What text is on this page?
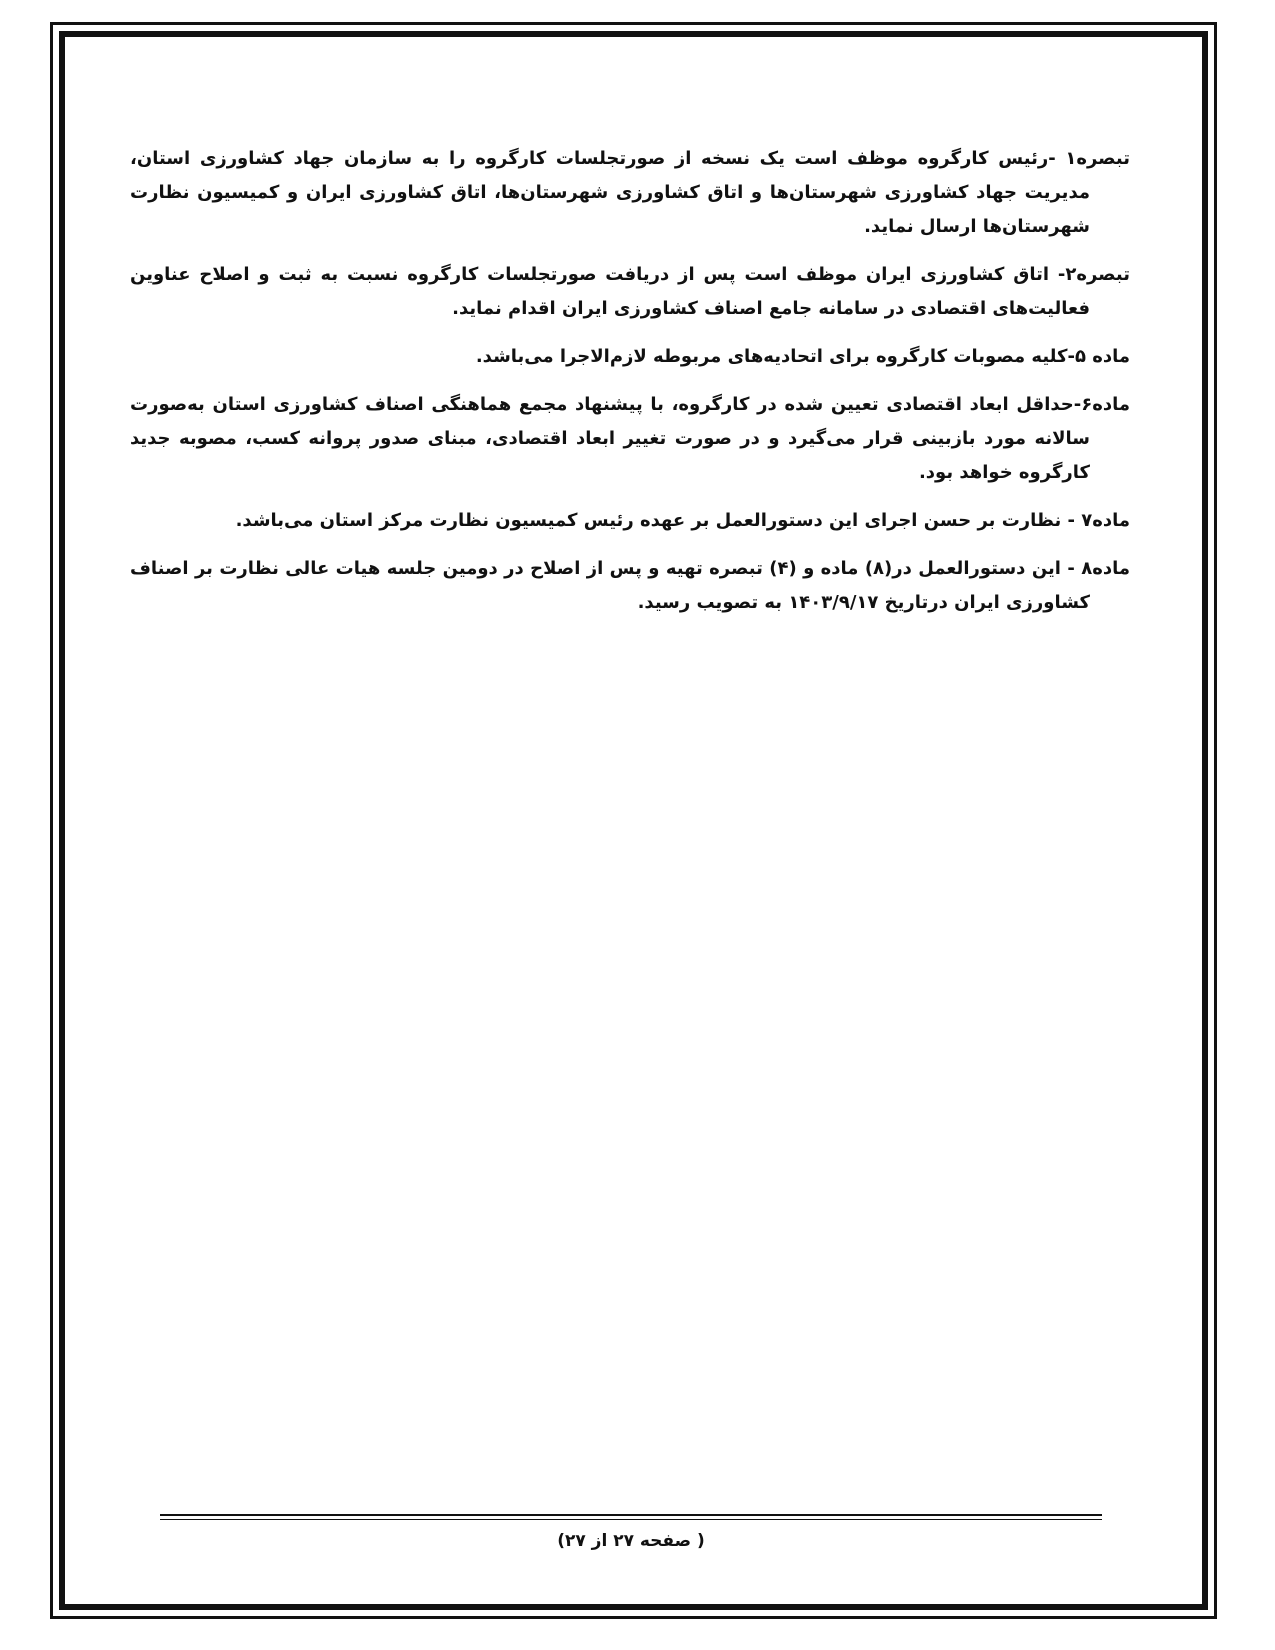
تبصره۱ -رئیس کارگروه موظف است یک نسخه از صورتجلسات کارگروه را به سازمان جهاد کشاورزی استان، مدیریت جهاد کشاورزی شهرستان‌ها و اتاق کشاورزی شهرستان‌ها، اتاق کشاورزی ایران و کمیسیون نظارت شهرستان‌ها ارسال نماید.

تبصره۲- اتاق کشاورزی ایران موظف است پس از دریافت صورتجلسات کارگروه نسبت به ثبت و اصلاح عناوین فعالیت‌های اقتصادی در سامانه جامع اصناف کشاورزی ایران اقدام نماید.

ماده ۵-کلیه مصوبات کارگروه برای اتحادیه‌های مربوطه لازم‌الاجرا می‌باشد.

ماده۶-حداقل ابعاد اقتصادی تعیین شده در کارگروه، با پیشنهاد مجمع هماهنگی اصناف کشاورزی استان به‌صورت سالانه مورد بازبینی قرار می‌گیرد و در صورت تغییر ابعاد اقتصادی، مبنای صدور پروانه کسب، مصوبه جدید کارگروه خواهد بود.

ماده۷ - نظارت بر حسن اجرای این دستورالعمل بر عهده رئیس کمیسیون نظارت مرکز استان می‌باشد.

ماده۸ - این دستورالعمل در(۸) ماده و (۴) تبصره تهیه و پس از اصلاح در دومین جلسه هیات عالی نظارت بر اصناف کشاورزی ایران درتاریخ ۱۴۰۳/۹/۱۷ به تصویب رسید.

( صفحه ۲۷ از ۲۷)
